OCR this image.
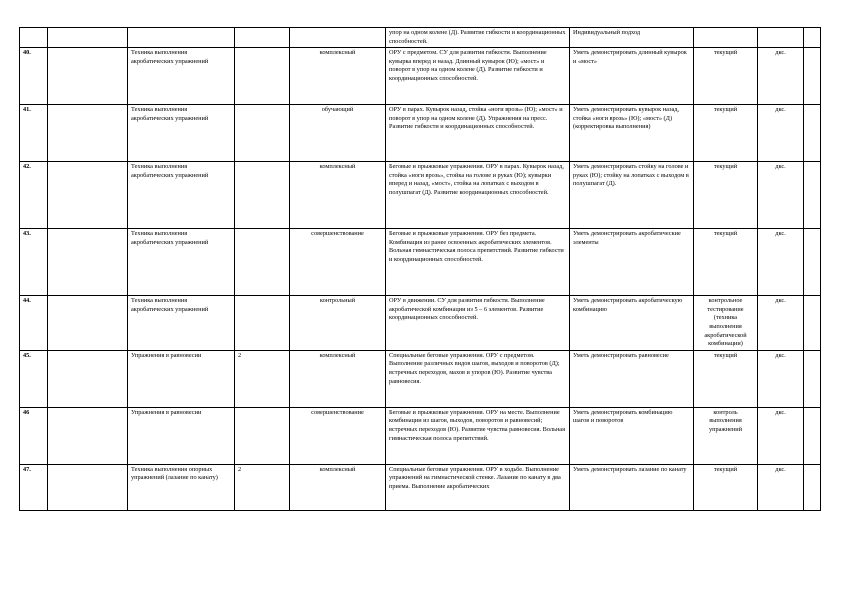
					упор на одном колене (Д). Развитие гибкости и координационных способностей.	Индивидуальный подход			
40.		Техника выполнения акробатических упражнений		комплексный	ОРУ с предметом. СУ для развития гибкости. Выполнение кувырка вперед и назад. Длинный кувырок (Ю); «мост» и поворот в упор на одном колене (Д). Развитие гибкости и координационных способностей.	Уметь демонстрировать длинный кувырок и «мост»	текущий	дкс.	
41.		Техника выполнения акробатических упражнений		обучающий	ОРУ в парах. Кувырок назад, стойка «ноги врозь» (Ю); «мост» и поворот в упор на одном колене (Д). Упражнения на пресс. Развитие гибкости и координационных способностей.	Уметь демонстрировать кувырок назад, стойка «ноги врозь» (Ю); «мост» (Д) (корректировка выполнения)	текущий	дкс.	
42.		Техника выполнения акробатических упражнений		комплексный	Беговые и прыжковые упражнения. ОРУ в парах. Кувырок назад, стойка «ноги врозь», стойка на голове и руках (Ю); кувырки вперед и назад, «мост», стойка на лопатках с выходом в полушпагат (Д). Развитие координационных способностей.	Уметь демонстрировать стойку на голове и руках (Ю); стойку на лопатках с выходом в полушпагат (Д).	текущий	дкс.	
43.		Техника выполнения акробатических упражнений		совершенствование	Беговые и прыжковые упражнения. ОРУ без предмета. Комбинация из ранее освоенных акробатических элементов. Вольная гимнастическая полоса препятствий. Развитие гибкости и координационных способностей.	Уметь демонстрировать акробатические элементы	текущий	дкс.	
44.		Техника выполнения акробатических упражнений		контрольный	ОРУ в движении. СУ для развития гибкости. Выполнение акробатической комбинации из 5 – 6 элементов. Развитие координационных способностей.	Уметь демонстрировать акробатическую комбинацию	контрольное тестирование (техника выполнения акробатической комбинации)	дкс.	
45.		Упражнения в равновесии	2	комплексный	Специальные беговые упражнения. ОРУ с предметом. Выполнение различных видов шагов, выходов и поворотов (Д); встречных переходов, махов и упоров (Ю). Развитие чувства равновесия.	Уметь демонстрировать равновесие	текущий	дкс.	
46		Упражнения в равновесии		совершенствование	Беговые и прыжковые упражнения. ОРУ на месте. Выполнение комбинации из шагов, выходов, поворотов и равновесий; встречных переходов (Ю). Развитие чувства равновесия. Вольная гимнастическая полоса препятствий.	Уметь демонстрировать комбинацию шагов и поворотов	контроль выполнения упражнений	дкс.	
47.		Техника выполнения опорных упражнений (лазание по канату)	2	комплексный	Специальные беговые упражнения. ОРУ в ходьбе. Выполнение упражнений на гимнастической стенке. Лазание по канату в два приема. Выполнение акробатических	Уметь демонстрировать лазание по канату	текущий	дкс.	
